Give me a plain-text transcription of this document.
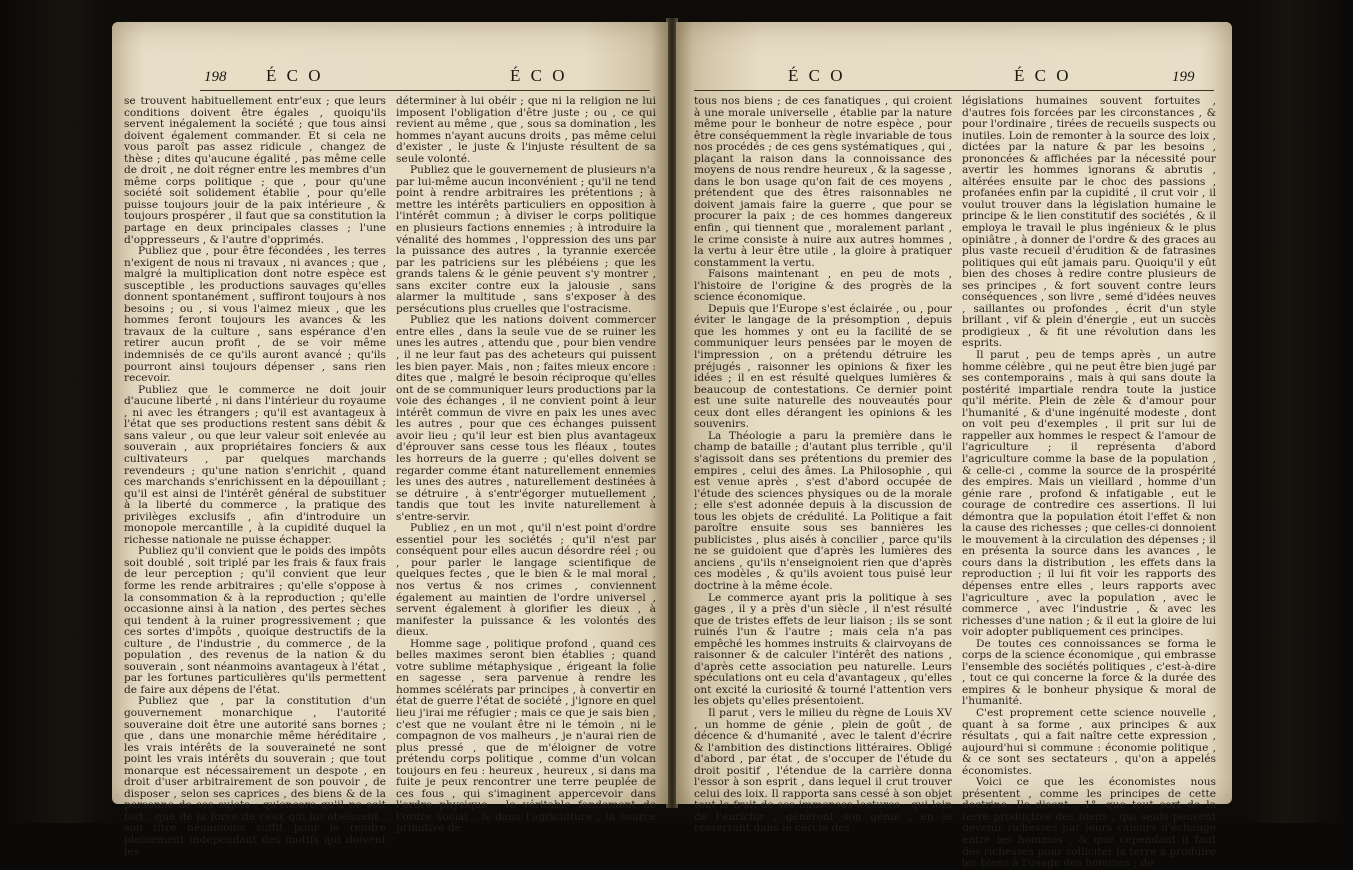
198 É C O	É C O

se trouvent habituellement entr'eux ; que leurs conditions doivent être égales , quoiqu'ils servent inégalement la société ; que tous ainsi doivent également commander. Et si cela ne vous paroît pas assez ridicule , changez de thèse ; dites qu'aucune égalité , pas même celle de droit , ne doit régner entre les membres d'un même corps politique ; que , pour qu'une société soit solidement établie , pour qu'elle puisse toujours jouir de la paix intérieure , & toujours prospérer , il faut que sa constitution la partage en deux principales classes ; l'une d'oppresseurs , & l'autre d'opprimés.

Publiez que , pour être fécondées , les terres n'exigent de nous ni travaux , ni avances ; que , malgré la multiplication dont notre espèce est susceptible , les productions sauvages qu'elles donnent spontanément , suffiront toujours à nos besoins ; ou , si vous l'aimez mieux , que les hommes feront toujours les avances & les travaux de la culture , sans espérance d'en retirer aucun profit , de se voir même indemnisés de ce qu'ils auront avancé ; qu'ils pourront ainsi toujours dépenser , sans rien recevoir.

Publiez que le commerce ne doit jouir d'aucune liberté , ni dans l'intérieur du royaume , ni avec les étrangers ; qu'il est avantageux à l'état que ses productions restent sans débit & sans valeur , ou que leur valeur soit enlevée au souverain , aux propriétaires fonciers & aux cultivateurs , par quelques marchands revendeurs ; qu'une nation s'enrichit , quand ces marchands s'enrichissent en la dépouillant ; qu'il est ainsi de l'intérêt général de substituer à la liberté du commerce , la pratique des privilèges exclusifs , afin d'introduire un monopole mercantille , à la cupidité duquel la richesse nationale ne puisse échapper.

Publiez qu'il convient que le poids des impôts soit doublé , soit triplé par les frais & faux frais de leur perception ; qu'il convient que leur forme les rende arbitraires ; qu'elle s'oppose à la consommation & à la reproduction ; qu'elle occasionne ainsi à la nation , des pertes sèches qui tendent à la ruiner progressivement ; que ces sortes d'impôts , quoique destructifs de la culture , de l'industrie , du commerce , de la population , des revenus de la nation & du souverain , sont néanmoins avantageux à l'état , par les fortunes particulières qu'ils permettent de faire aux dépens de l'état.

Publiez que , par la constitution d'un gouvernement monarchique , l'autorité souveraine doit être une autorité sans bornes ; que , dans une monarchie même héréditaire , les vrais intérêts de la souveraineté ne sont point les vrais intérêts du souverain ; que tout monarque est nécessairement un despote , en droit d'user arbitrairement de son pouvoir , de disposer , selon ses caprices , des biens & de la personne de ses sujets ; qu'encore qu'il ne soit fort , que de la force de ceux qui lui obéissent , son titre néanmoins suffit pour le rendre pleinement indépendant des motifs qui doivent les

déterminer à lui obéir ; que ni la religion ne lui imposent l'obligation d'être juste ; ou , ce qui revient au même , que , sous sa domination , les hommes n'ayant aucuns droits , pas même celui d'exister , le juste & l'injuste résultent de sa seule volonté.

Publiez que le gouvernement de plusieurs n'a par lui-même aucun inconvénient ; qu'il ne tend point à rendre arbitraires les prétentions ; à mettre les intérêts particuliers en opposition à l'intérêt commun ; à diviser le corps politique en plusieurs factions ennemies ; à introduire la vénalité des hommes , l'oppression des uns par la puissance des autres , la tyrannie exercée par les patriciens sur les plébéiens ; que les grands talens & le génie peuvent s'y montrer , sans exciter contre eux la jalousie , sans alarmer la multitude , sans s'exposer à des persécutions plus cruelles que l'ostracisme.

Publiez que les nations doivent commercer entre elles , dans la seule vue de se ruiner les unes les autres , attendu que , pour bien vendre , il ne leur faut pas des acheteurs qui puissent les bien payer. Mais , non ; faites mieux encore : dites que , malgré le besoin réciproque qu'elles ont de se communiquer leurs productions par la voie des échanges , il ne convient point à leur intérêt commun de vivre en paix les unes avec les autres , pour que ces échanges puissent avoir lieu ; qu'il leur est bien plus avantageux d'éprouver sans cesse tous les fléaux , toutes les horreurs de la guerre ; qu'elles doivent se regarder comme étant naturellement ennemies les unes des autres , naturellement destinées à se détruire , à s'entr'égorger mutuellement , tandis que tout les invite naturellement à s'entre-servir.

Publiez , en un mot , qu'il n'est point d'ordre essentiel pour les sociétés ; qu'il n'est par conséquent pour elles aucun désordre réel ; ou , pour parler le langage scientifique de quelques fectes , que le bien & le mal moral , nos vertus & nos crimes , conviennent également au maintien de l'ordre universel , servent également à glorifier les dieux , à manifester la puissance & les volontés des dieux.

Homme sage , politique profond , quand ces belles maximes seront bien établies ; quand votre sublime métaphysique , érigeant la folie en sagesse , sera parvenue à rendre les hommes scélérats par principes , à convertir en état de guerre l'état de société , j'ignore en quel lieu j'irai me réfugier ; mais ce que je sais bien , c'est que ne voulant être ni le témoin , ni le compagnon de vos malheurs , je n'aurai rien de plus pressé , que de m'éloigner de votre prétendu corps politique , comme d'un volcan toujours en feu : heureux , heureux , si dans ma fuite je peux rencontrer une terre peuplée de ces fous , qui s'imaginent appercevoir dans l'ordre physique , le véritable fondement de l'ordre social , & dans l'agriculture , la source primitive de

É C O	É C O	199

tous nos biens ; de ces fanatiques , qui croient à une morale universelle , établie par la nature même pour le bonheur de notre espèce , pour être conséquemment la règle invariable de tous nos procédés ; de ces gens systématiques , qui , plaçant la raison dans la connoissance des moyens de nous rendre heureux , & la sagesse , dans le bon usage qu'on fait de ces moyens , prétendent que des êtres raisonnables ne doivent jamais faire la guerre , que pour se procurer la paix ; de ces hommes dangereux enfin , qui tiennent que , moralement parlant , le crime consiste à nuire aux autres hommes , la vertu à leur être utile , la gloire à pratiquer constamment la vertu.

Faisons maintenant , en peu de mots , l'histoire de l'origine & des progrès de la science économique.

Depuis que l'Europe s'est éclairée , ou , pour éviter le langage de la présomption , depuis que les hommes y ont eu la facilité de se communiquer leurs pensées par le moyen de l'impression , on a prétendu détruire les préjugés , raisonner les opinions & fixer les idées ; il en est résulté quelques lumières & beaucoup de contestations. Ce dernier point est une suite naturelle des nouveautés pour ceux dont elles dérangent les opinions & les souvenirs.

La Théologie a paru la première dans le champ de bataille ; d'autant plus terrible , qu'il s'agissoit dans ses prétentions du premier des empires , celui des âmes. La Philosophie , qui est venue après , s'est d'abord occupée de l'étude des sciences physiques ou de la morale ; elle s'est adonnée depuis à la discussion de tous les objets de crédulité. La Politique a fait paroître ensuite sous ses bannières les publicistes , plus aisés à concilier , parce qu'ils ne se guidoient que d'après les lumières des anciens , qu'ils n'enseignoient rien que d'après ces modèles , & qu'ils avoient tous puisé leur doctrine à la même école.

Le commerce ayant pris la politique à ses gages , il y a près d'un siècle , il n'est résulté que de tristes effets de leur liaison ; ils se sont ruinés l'un & l'autre ; mais cela n'a pas empêché les hommes instruits & clairvoyans de raisonner & de calculer l'intérêt des nations , d'après cette association peu naturelle. Leurs spéculations ont eu cela d'avantageux , qu'elles ont excité la curiosité & tourné l'attention vers les objets qu'elles présentoient.

Il parut , vers le milieu du règne de Louis XV , un homme de génie , plein de goût , de décence & d'humanité , avec le talent d'écrire & l'ambition des distinctions littéraires. Obligé d'abord , par état , de s'occuper de l'étude du droit positif , l'étendue de la carrière donna l'essor à son esprit , dans lequel il crut trouver celui des loix. Il rapporta sans cessé à son objet tout le fruit de ses immenses lectures , qui loin de l'enrichir , génèrent son génie , en le resserrant dans le cercle des

législations humaines souvent fortuites , d'autres fois forcées par les circonstances , & pour l'ordinaire , tirées de recueils suspects ou inutiles. Loin de remonter à la source des loix , dictées par la nature & par les besoins , prononcées & affichées par la nécessité pour avertir les hommes ignorans & abrutis , altérées ensuite par le choc des passions , profanées enfin par la cupidité , il crut voir , il voulut trouver dans la législation humaine le principe & le lien constitutif des sociétés , & il employa le travail le plus ingénieux & le plus opiniâtre , à donner de l'ordre & des graces au plus vaste recueil d'érudition & de fatrasines politiques qui eût jamais paru. Quoiqu'il y eût bien des choses à redire contre plusieurs de ses principes , & fort souvent contre leurs conséquences , son livre , semé d'idées neuves , saillantes ou profondes , écrit d'un style brillant , vif & plein d'énergie , eut un succès prodigieux , & fit une révolution dans les esprits.

Il parut , peu de temps après , un autre homme célèbre , qui ne peut être bien jugé par ses contemporains , mais à qui sans doute la postérité impartiale rendra toute la justice qu'il mérite. Plein de zèle & d'amour pour l'humanité , & d'une ingénuité modeste , dont on voit peu d'exemples , il prit sur lui de rappeller aux hommes le respect & l'amour de l'agriculture ; il représenta d'abord l'agriculture comme la base de la population , & celle-ci , comme la source de la prospérité des empires. Mais un vieillard , homme d'un génie rare , profond & infatigable , eut le courage de contredire ces assertions. Il lui démontra que la population étoit l'effet & non la cause des richesses ; que celles-ci donnoient le mouvement à la circulation des dépenses ; il en présenta la source dans les avances , le cours dans la distribution , les effets dans la reproduction ; il lui fit voir les rapports des dépenses entre elles , leurs rapports avec l'agriculture , avec la population , avec le commerce , avec l'industrie , & avec les richesses d'une nation ; & il eut la gloire de lui voir adopter publiquement ces principes.

De toutes ces connoissances se forma le corps de la science économique , qui embrasse l'ensemble des sociétés politiques , c'est-à-dire , tout ce qui concerne la force & la durée des empires & le bonheur physique & moral de l'humanité.

C'est proprement cette science nouvelle , quant à sa forme , aux principes & aux résultats , qui a fait naître cette expression , aujourd'hui si commune : économie politique , & ce sont ses sectateurs , qu'on a appelés économistes.

Voici ce que les économistes nous présentent , comme les principes de cette doctrine. Ils disent , 1°. que tout sort de la terre productive des biens , qui seuls peuvent devenir richesses par leurs valeurs d'échange entre les hommes , & que cependant il faut des richesses pour solliciter la terre à produire les biens à l'usage des hommes ; de
